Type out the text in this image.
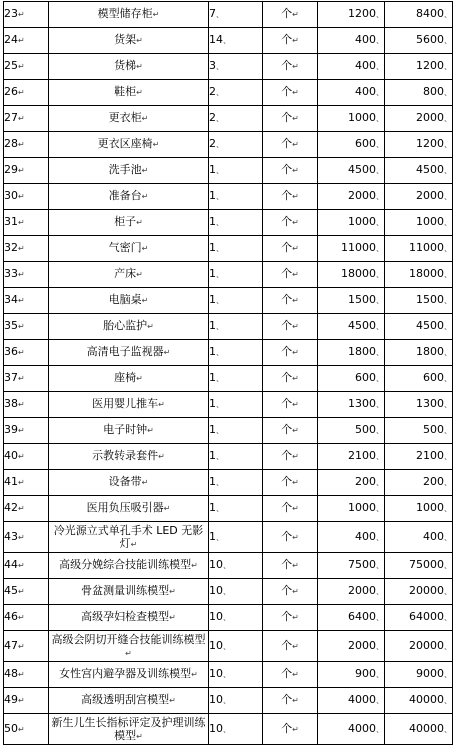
23↵	模型储存柜↵	7、	个↵	1200、	8400、
24↵	货架↵	14、	个↵	400、	5600、
25↵	货梯↵	3、	个↵	400、	1200、
26↵	鞋柜↵	2、	个↵	400、	800、
27↵	更衣柜↵	2、	个↵	1000、	2000、
28↵	更衣区座椅↵	2、	个↵	600、	1200、
29↵	洗手池↵	1、	个↵	4500、	4500、
30↵	准备台↵	1、	个↵	2000、	2000、
31↵	柜子↵	1、	个↵	1000、	1000、
32↵	气密门↵	1、	个↵	11000、	11000、
33↵	产床↵	1、	个↵	18000、	18000、
34↵	电脑桌↵	1、	个↵	1500、	1500、
35↵	胎心监护↵	1、	个↵	4500、	4500、
36↵	高清电子监视器↵	1、	个↵	1800、	1800、
37↵	座椅↵	1、	个↵	600、	600、
38↵	医用婴儿推车↵	1、	个↵	1300、	1300、
39↵	电子时钟↵	1、	个↵	500、	500、
40↵	示教转录套件↵	1、	个↵	2100、	2100、
41↵	设备带↵	1、	个↵	200、	200、
42↵	医用负压吸引器↵	1、	个↵	1000、	1000、
43↵	冷光源立式单孔手术 LED 无影灯↵	1、	个↵	400、	400、
44↵	高级分娩综合技能训练模型↵	10、	个↵	7500、	75000、
45↵	骨盆测量训练模型↵	10、	个↵	2000、	20000、
46↵	高级孕妇检查模型↵	10、	个↵	6400、	64000、
47↵	高级会阴切开缝合技能训练模型↵	10、	个↵	2000、	20000、
48↵	女性宫内避孕器及训练模型↵	10、	个↵	900、	9000、
49↵	高级透明刮宫模型↵	10、	个↵	4000、	40000、
50↵	新生儿生长指标评定及护理训练模型↵	10、	个↵	4000、	40000、
